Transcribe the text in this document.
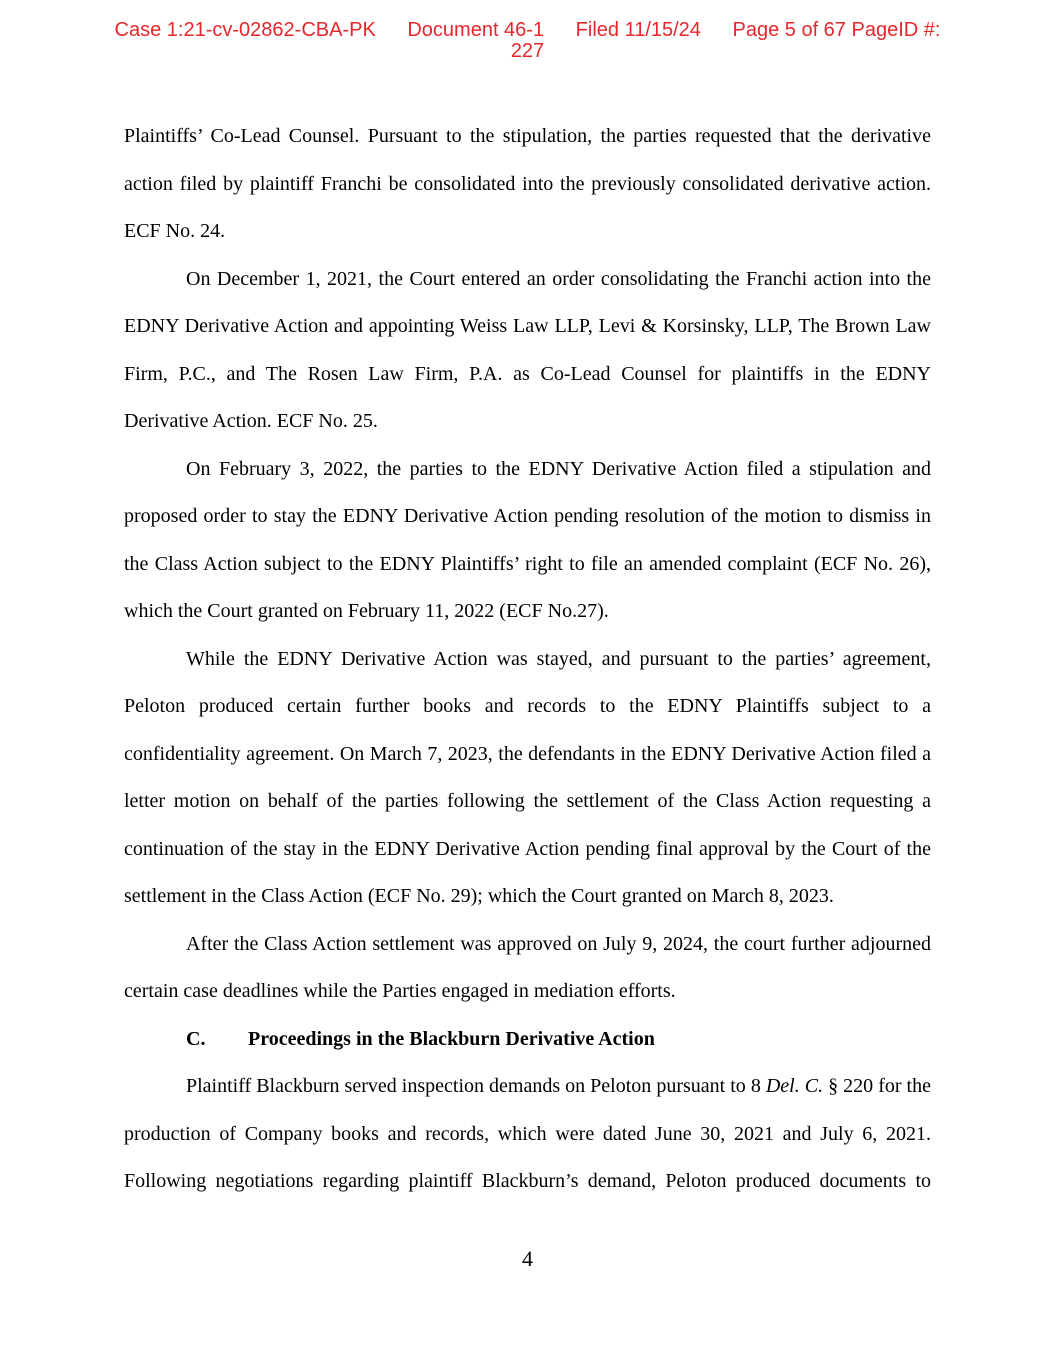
Case 1:21-cv-02862-CBA-PK Document 46-1 Filed 11/15/24 Page 5 of 67 PageID #:
227

Plaintiffs’ Co-Lead Counsel. Pursuant to the stipulation, the parties requested that the derivative action filed by plaintiff Franchi be consolidated into the previously consolidated derivative action. ECF No. 24.

On December 1, 2021, the Court entered an order consolidating the Franchi action into the EDNY Derivative Action and appointing Weiss Law LLP, Levi & Korsinsky, LLP, The Brown Law Firm, P.C., and The Rosen Law Firm, P.A. as Co-Lead Counsel for plaintiffs in the EDNY Derivative Action. ECF No. 25.

On February 3, 2022, the parties to the EDNY Derivative Action filed a stipulation and proposed order to stay the EDNY Derivative Action pending resolution of the motion to dismiss in the Class Action subject to the EDNY Plaintiffs’ right to file an amended complaint (ECF No. 26), which the Court granted on February 11, 2022 (ECF No.27).

While the EDNY Derivative Action was stayed, and pursuant to the parties’ agreement, Peloton produced certain further books and records to the EDNY Plaintiffs subject to a confidentiality agreement. On March 7, 2023, the defendants in the EDNY Derivative Action filed a letter motion on behalf of the parties following the settlement of the Class Action requesting a continuation of the stay in the EDNY Derivative Action pending final approval by the Court of the settlement in the Class Action (ECF No. 29); which the Court granted on March 8, 2023.

After the Class Action settlement was approved on July 9, 2024, the court further adjourned certain case deadlines while the Parties engaged in mediation efforts.

C. Proceedings in the Blackburn Derivative Action

Plaintiff Blackburn served inspection demands on Peloton pursuant to 8 Del. C. § 220 for the production of Company books and records, which were dated June 30, 2021 and July 6, 2021. Following negotiations regarding plaintiff Blackburn’s demand, Peloton produced documents to

4
